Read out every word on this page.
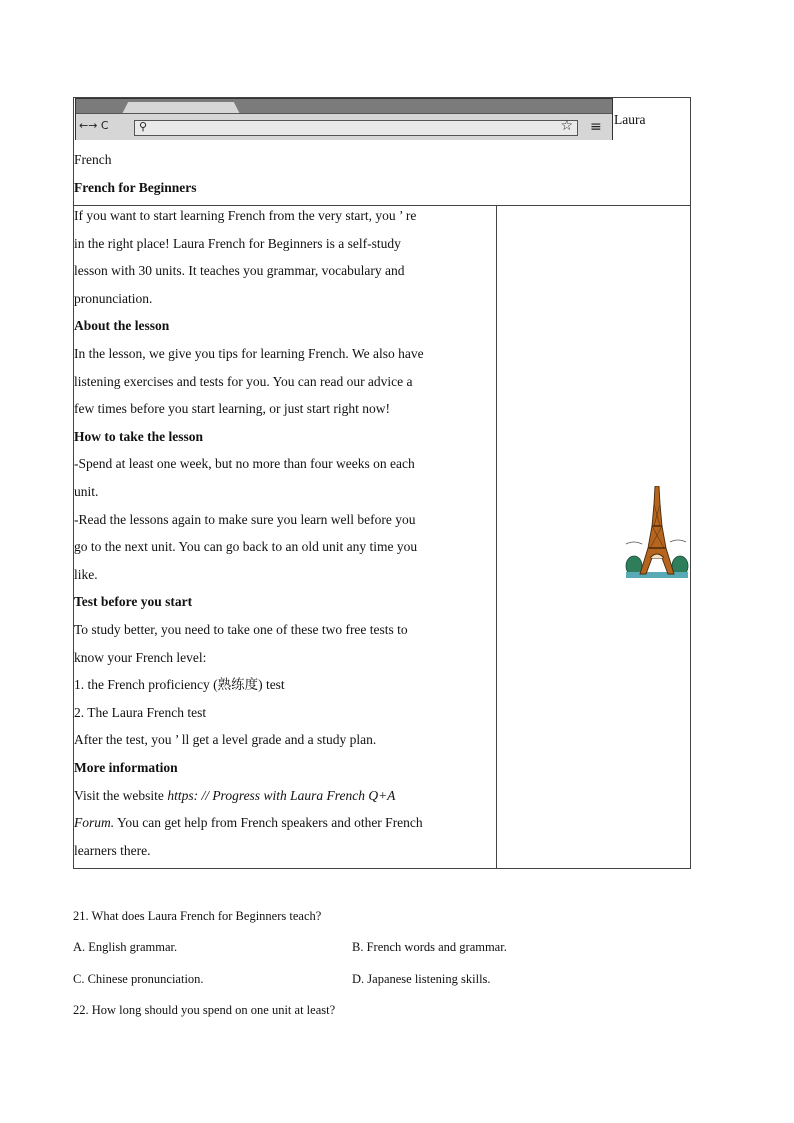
←→ C	⚲	☆ ≡ Laura
French
French for Beginners
If you want to start learning French from the very start, you ’ re
in the right place! Laura French for Beginners is a self-study
lesson with 30 units. It teaches you grammar, vocabulary and
pronunciation.
About the lesson
In the lesson, we give you tips for learning French. We also have
listening exercises and tests for you. You can read our advice a
few times before you start learning, or just start right now!
How to take the lesson
-Spend at least one week, but no more than four weeks on each
unit.
-Read the lessons again to make sure you learn well before you
go to the next unit. You can go back to an old unit any time you
like.
Test before you start
To study better, you need to take one of these two free tests to
know your French level:
1. the French proficiency (熟练度) test
2. The Laura French test
After the test, you ’ ll get a level grade and a study plan.
More information
Visit the website https: // Progress with Laura French Q+A
Forum. You can get help from French speakers and other French
learners there.
21. What does Laura French for Beginners teach?
A. English grammar.	B. French words and grammar.
C. Chinese pronunciation.	D. Japanese listening skills.
22. How long should you spend on one unit at least?
